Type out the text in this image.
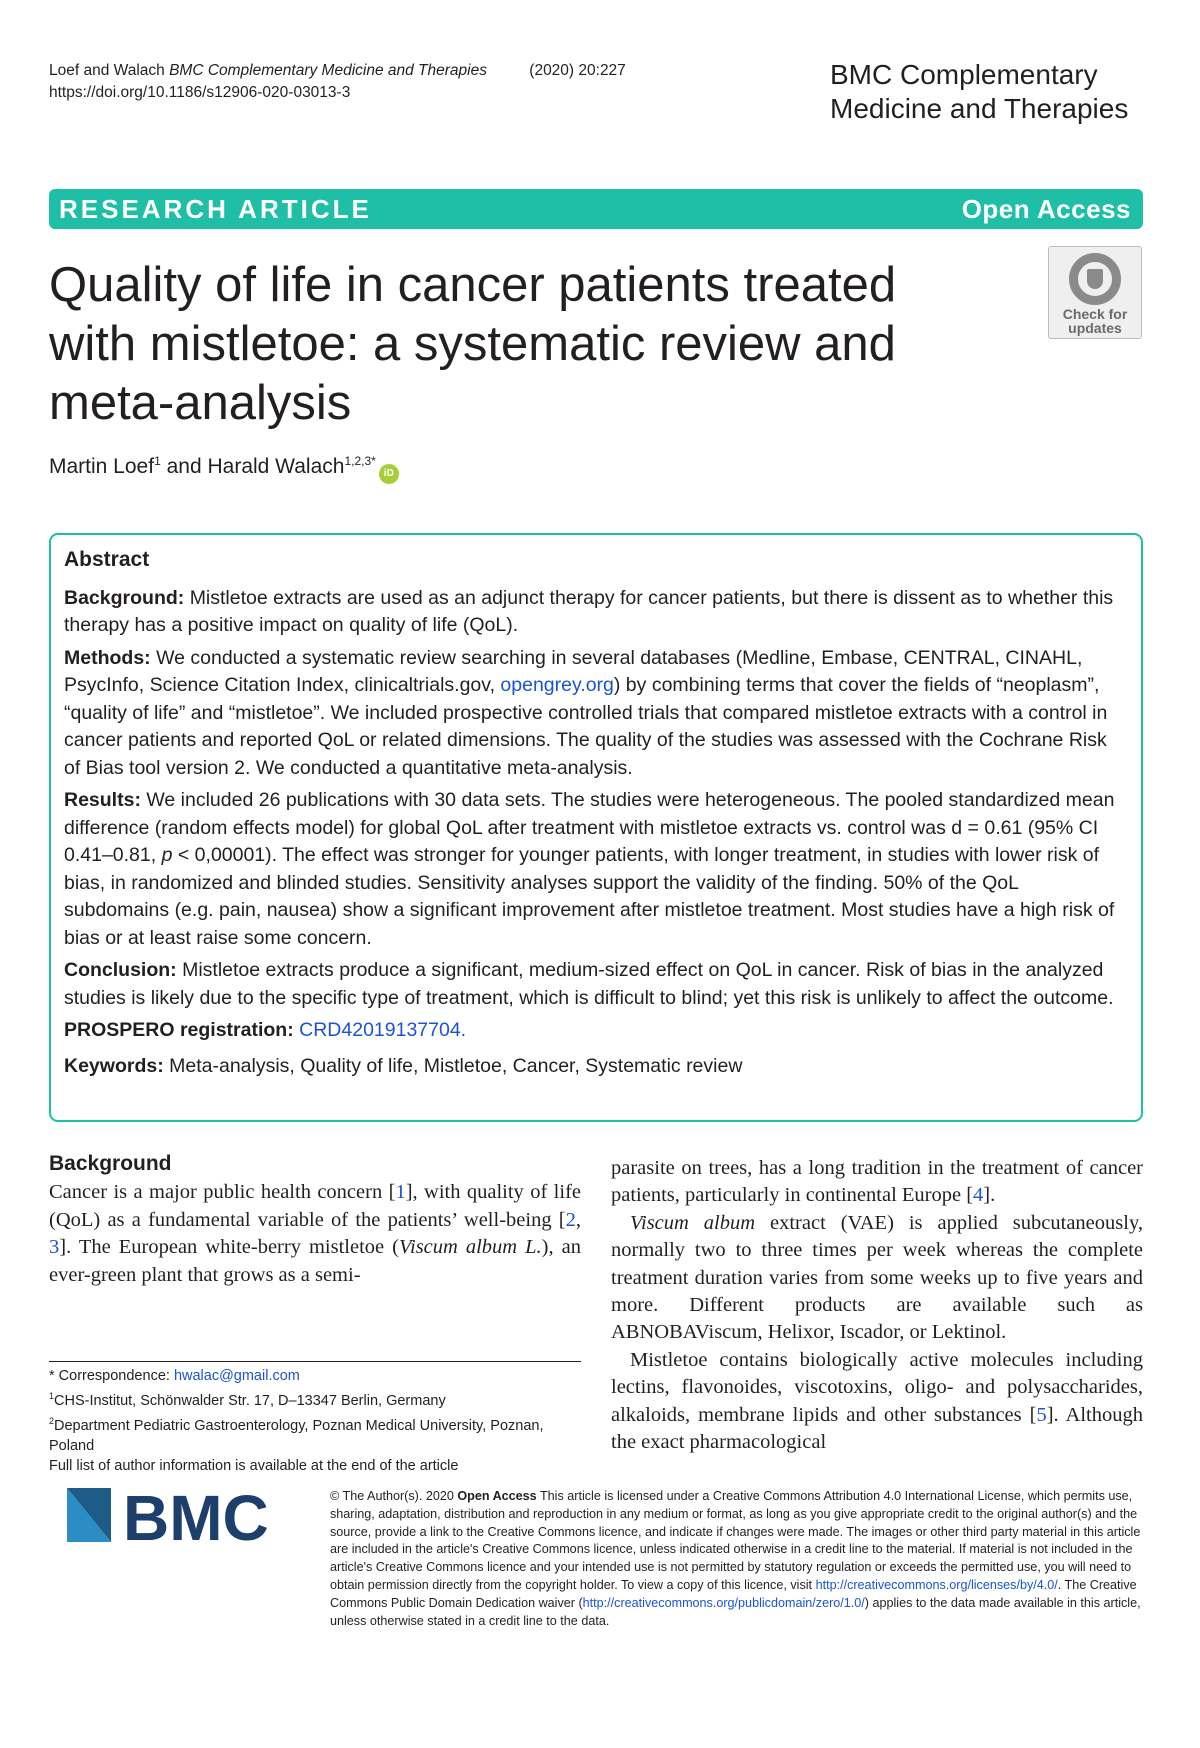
Loef and Walach BMC Complementary Medicine and Therapies	(2020) 20:227
https://doi.org/10.1186/s12906-020-03013-3
BMC Complementary
Medicine and Therapies
RESEARCH ARTICLE	Open Access
Quality of life in cancer patients treated with mistletoe: a systematic review and meta-analysis
Check for
updates
Martin Loef$^1$ and Harald Walach$^{1,2,3*}$iD
Abstract

Background: Mistletoe extracts are used as an adjunct therapy for cancer patients, but there is dissent as to whether this therapy has a positive impact on quality of life (QoL).

Methods: We conducted a systematic review searching in several databases (Medline, Embase, CENTRAL, CINAHL, PsycInfo, Science Citation Index, clinicaltrials.gov, opengrey.org) by combining terms that cover the fields of “neoplasm”, “quality of life” and “mistletoe”. We included prospective controlled trials that compared mistletoe extracts with a control in cancer patients and reported QoL or related dimensions. The quality of the studies was assessed with the Cochrane Risk of Bias tool version 2. We conducted a quantitative meta-analysis.

Results: We included 26 publications with 30 data sets. The studies were heterogeneous. The pooled standardized mean difference (random effects model) for global QoL after treatment with mistletoe extracts vs. control was d = 0.61 (95% CI 0.41–0.81, p < 0,00001). The effect was stronger for younger patients, with longer treatment, in studies with lower risk of bias, in randomized and blinded studies. Sensitivity analyses support the validity of the finding. 50% of the QoL subdomains (e.g. pain, nausea) show a significant improvement after mistletoe treatment. Most studies have a high risk of bias or at least raise some concern.

Conclusion: Mistletoe extracts produce a significant, medium-sized effect on QoL in cancer. Risk of bias in the analyzed studies is likely due to the specific type of treatment, which is difficult to blind; yet this risk is unlikely to affect the outcome.

PROSPERO registration: CRD42019137704.

Keywords: Meta-analysis, Quality of life, Mistletoe, Cancer, Systematic review

Background

Cancer is a major public health concern [1], with quality of life (QoL) as a fundamental variable of the patients’ well-being [2, 3]. The European white-berry mistletoe (Viscum album L.), an ever-green plant that grows as a semi-

parasite on trees, has a long tradition in the treatment of cancer patients, particularly in continental Europe [4].

Viscum album extract (VAE) is applied subcutaneously, normally two to three times per week whereas the complete treatment duration varies from some weeks up to five years and more. Different products are available such as ABNOBAViscum, Helixor, Iscador, or Lektinol.

Mistletoe contains biologically active molecules including lectins, flavonoides, viscotoxins, oligo- and polysaccharides, alkaloids, membrane lipids and other substances [5]. Although the exact pharmacological

* Correspondence: hwalac@gmail.com
$^1$CHS-Institut, Schönwalder Str. 17, D–13347 Berlin, Germany
$^2$Department Pediatric Gastroenterology, Poznan Medical University, Poznan, Poland
Full list of author information is available at the end of the article
BMC	© The Author(s). 2020 Open Access This article is licensed under a Creative Commons Attribution 4.0 International License, which permits use, sharing, adaptation, distribution and reproduction in any medium or format, as long as you give appropriate credit to the original author(s) and the source, provide a link to the Creative Commons licence, and indicate if changes were made. The images or other third party material in this article are included in the article's Creative Commons licence, unless indicated otherwise in a credit line to the material. If material is not included in the article's Creative Commons licence and your intended use is not permitted by statutory regulation or exceeds the permitted use, you will need to obtain permission directly from the copyright holder. To view a copy of this licence, visit http://creativecommons.org/licenses/by/4.0/. The Creative Commons Public Domain Dedication waiver (http://creativecommons.org/publicdomain/zero/1.0/) applies to the data made available in this article, unless otherwise stated in a credit line to the data.
